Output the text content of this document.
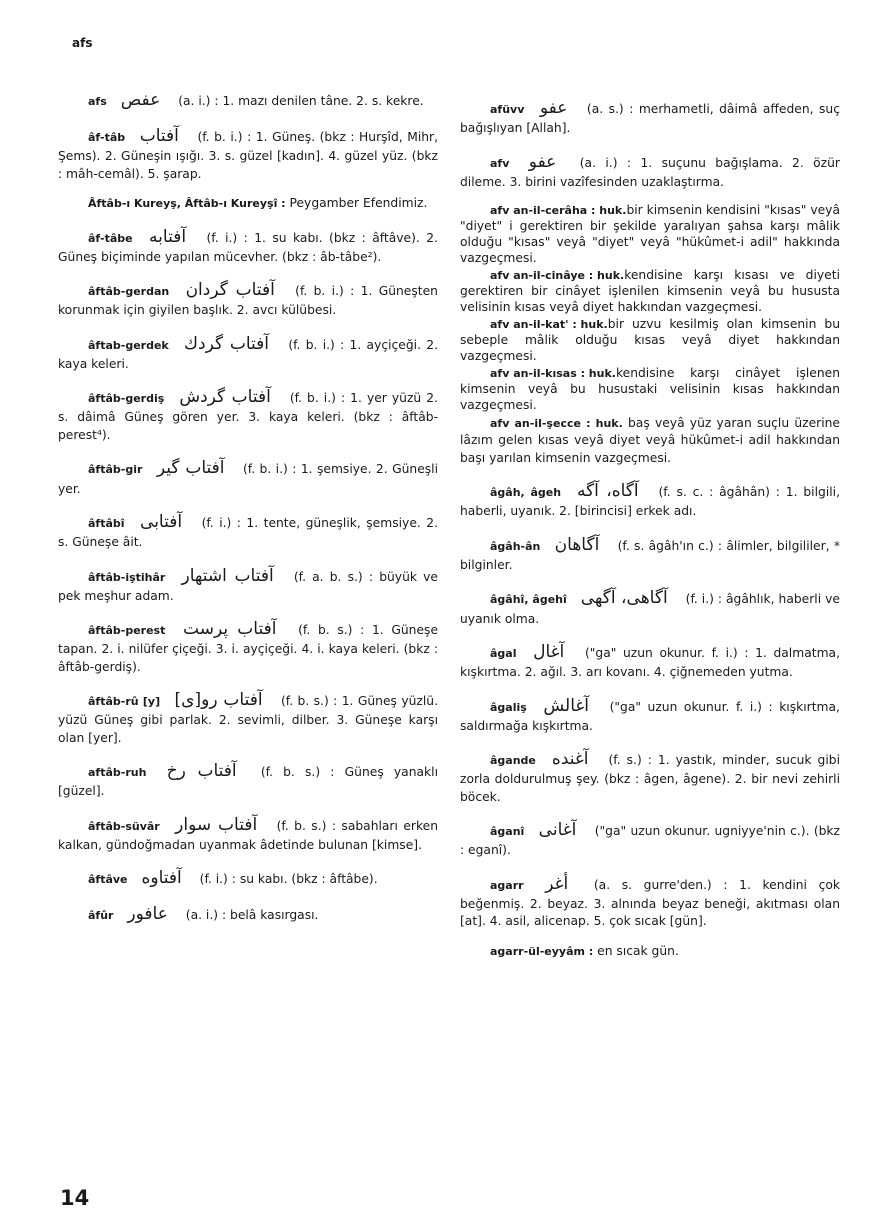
afs

afs عفص (a. i.) : 1. mazı denilen tâne. 2. s. kekre.

âf-tâb آفتاب (f. b. i.) : 1. Güneş. (bkz : Hurşîd, Mihr, Şems). 2. Güneşin ışığı. 3. s. güzel [kadın]. 4. güzel yüz. (bkz : mâh-cemâl). 5. şarap.

Âftâb-ı Kureyş, Âftâb-ı Kureyşî : Peygamber Efendimiz.

âf-tâbe آفتابه (f. i.) : 1. su kabı. (bkz : âftâve). 2. Güneş biçiminde yapılan mücevher. (bkz : âb-tâbe²).

âftâb-gerdan آفتاب گردان (f. b. i.) : 1. Güneşten korunmak için giyilen başlık. 2. avcı külübesi.

âftab-gerdek آفتاب گردك (f. b. i.) : 1. ayçiçeği. 2. kaya keleri.

âftâb-gerdiş آفتاب گردش (f. b. i.) : 1. yer yüzü 2. s. dâimâ Güneş gören yer. 3. kaya keleri. (bkz : âftâb-perest⁴).

âftâb-gir آفتاب گیر (f. b. i.) : 1. şemsiye. 2. Güneşli yer.

âftâbî آفتابی (f. i.) : 1. tente, güneşlik, şemsiye. 2. s. Güneşe âit.

âftâb-iştihâr آفتاب اشتهار (f. a. b. s.) : büyük ve pek meşhur adam.

âftâb-perest آفتاب پرست (f. b. s.) : 1. Güneşe tapan. 2. i. nilüfer çiçeği. 3. i. ayçiçeği. 4. i. kaya keleri. (bkz : âftâb-gerdiş).

âftâb-rû [y] آفتاب رو[ى] (f. b. s.) : 1. Güneş yüzlü. yüzü Güneş gibi parlak. 2. sevimli, dilber. 3. Güneşe karşı olan [yer].

aftâb-ruh آفتاب رخ (f. b. s.) : Güneş yanaklı [güzel].

âftâb-süvâr آفتاب سوار (f. b. s.) : sabahları erken kalkan, gündoğmadan uyanmak âdetinde bulunan [kimse].

âftâve آفتاوه (f. i.) : su kabı. (bkz : âftâbe).

âfûr عافور (a. i.) : belâ kasırgası.

afüvv عفو (a. s.) : merhametli, dâimâ affeden, suç bağışlıyan [Allah].

afv عفو (a. i.) : 1. suçunu bağışlama. 2. özür dileme. 3. birini vazîfesinden uzaklaştırma.

afv an-il-cerâha : huk.bir kimsenin kendisini "kısas" veyâ "diyet" i gerektiren bir şekilde yaralıyan şahsa karşı mâlik olduğu "kısas" veyâ "diyet" veyâ "hükûmet-i adil" hakkında vazgeçmesi.

afv an-il-cinâye : huk.kendisine karşı kısası ve diyeti gerektiren bir cinâyet işlenilen kimsenin veyâ bu hususta velisinin kısas veyâ diyet hakkından vazgeçmesi.

afv an-il-kat' : huk.bir uzvu kesilmiş olan kimsenin bu sebeple mâlik olduğu kısas veyâ diyet hakkından vazgeçmesi.

afv an-il-kısas : huk.kendisine karşı cinâyet işlenen kimsenin veyâ bu husustaki velisinin kısas hakkından vazgeçmesi.

afv an-il-şecce : huk. baş veyâ yüz yaran suçlu üzerine lâzım gelen kısas veyâ diyet veyâ hükûmet-i adil hakkından başı yarılan kimsenin vazgeçmesi.

âgâh, âgeh آگاه، آگه (f. s. c. : âgâhân) : 1. bilgili, haberli, uyanık. 2. [birincisi] erkek adı.

âgâh-ân آگاهان (f. s. âgâh'ın c.) : âlimler, bilgililer, * bilginler.

âgâhî, âgehî آگاهی، آگهی (f. i.) : âgâhlık, haberli ve uyanık olma.

âgal آغال ("ga" uzun okunur. f. i.) : 1. dalmatma, kışkırtma. 2. ağıl. 3. arı kovanı. 4. çiğnemeden yutma.

âgaliş آغالش ("ga" uzun okunur. f. i.) : kışkırtma, saldırmağa kışkırtma.

âgande آغنده (f. s.) : 1. yastık, minder, sucuk gibi zorla doldurulmuş şey. (bkz : âgen, âgene). 2. bir nevi zehirli böcek.

âganî آغانی ("ga" uzun okunur. ugniyye'nin c.). (bkz : eganî).

agarr أغر (a. s. gurre'den.) : 1. kendini çok beğenmiş. 2. beyaz. 3. alnında beyaz beneği, akıtması olan [at]. 4. asil, alicenap. 5. çok sıcak [gün].

agarr-ül-eyyâm : en sıcak gün.

14
